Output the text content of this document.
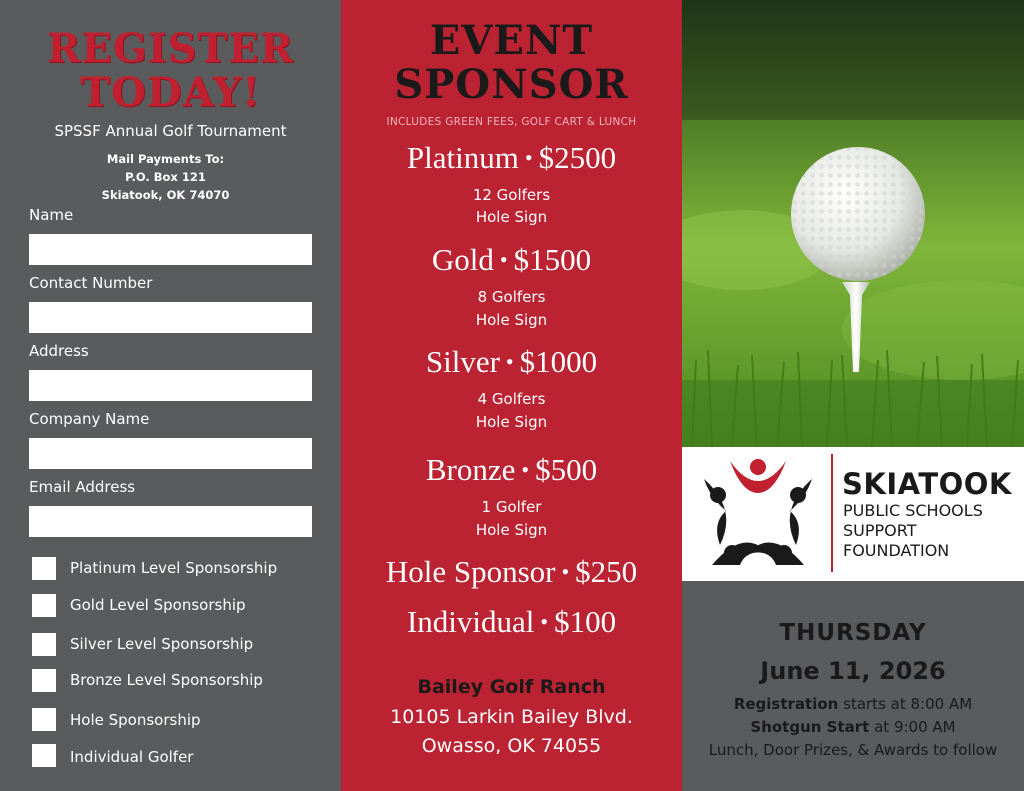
REGISTER
TODAY!
SPSSF Annual Golf Tournament
Mail Payments To:
P.O. Box 121
Skiatook, OK 74070
Name
Contact Number
Address
Company Name
Email Address
Platinum Level Sponsorship
Gold Level Sponsorship
Silver Level Sponsorship
Bronze Level Sponsorship
Hole Sponsorship
Individual Golfer
EVENT
SPONSOR
INCLUDES GREEN FEES, GOLF CART & LUNCH
Platinum • $2500
12 Golfers
Hole Sign
Gold • $1500
8 Golfers
Hole Sign
Silver • $1000
4 Golfers
Hole Sign
Bronze • $500
1 Golfer
Hole Sign
Hole Sponsor • $250
Individual • $100
Bailey Golf Ranch
10105 Larkin Bailey Blvd.
Owasso, OK 74055
SKIATOOK
PUBLIC SCHOOLS
SUPPORT
FOUNDATION
THURSDAY
June 11, 2026
Registration starts at 8:00 AM
Shotgun Start at 9:00 AM
Lunch, Door Prizes, & Awards to follow
